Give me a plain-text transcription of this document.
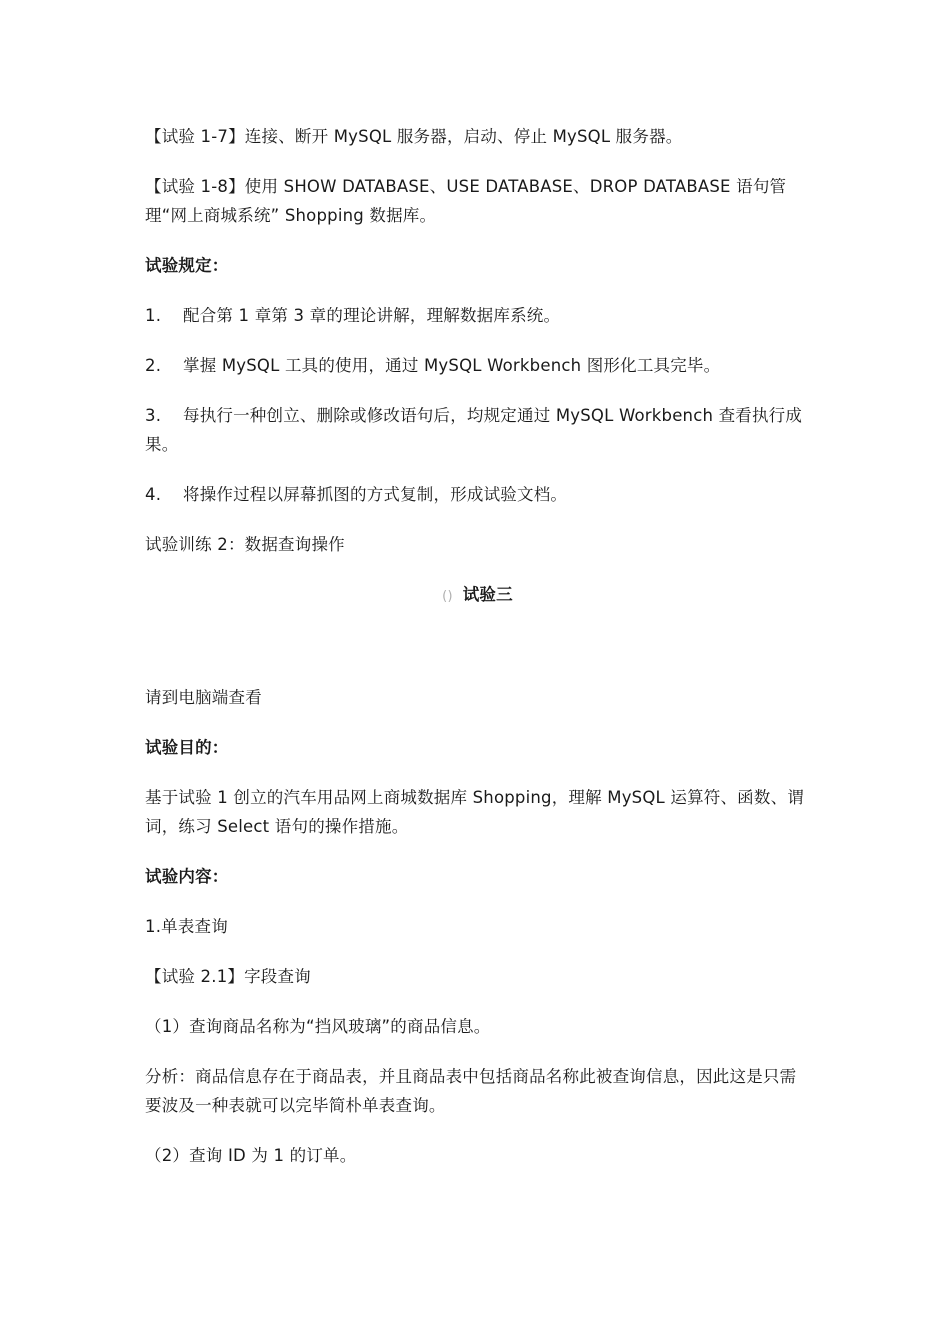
【试验 1-7】连接、断开 MySQL 服务器，启动、停止 MySQL 服务器。

【试验 1-8】使用 SHOW DATABASE、USE DATABASE、DROP DATABASE 语句管理“网上商城系统” Shopping 数据库。

试验规定：

1. 配合第 1 章第 3 章的理论讲解，理解数据库系统。

2. 掌握 MySQL 工具的使用，通过 MySQL Workbench 图形化工具完毕。

3. 每执行一种创立、删除或修改语句后，均规定通过 MySQL Workbench 查看执行成果。

4. 将操作过程以屏幕抓图的方式复制，形成试验文档。

试验训练 2：数据查询操作

() 试验三

请到电脑端查看

试验目的：

基于试验 1 创立的汽车用品网上商城数据库 Shopping，理解 MySQL 运算符、函数、谓词，练习 Select 语句的操作措施。

试验内容：

1.单表查询

【试验 2.1】字段查询

（1）查询商品名称为“挡风玻璃”的商品信息。

分析：商品信息存在于商品表，并且商品表中包括商品名称此被查询信息，因此这是只需要波及一种表就可以完毕简朴单表查询。

（2）查询 ID 为 1 的订单。
